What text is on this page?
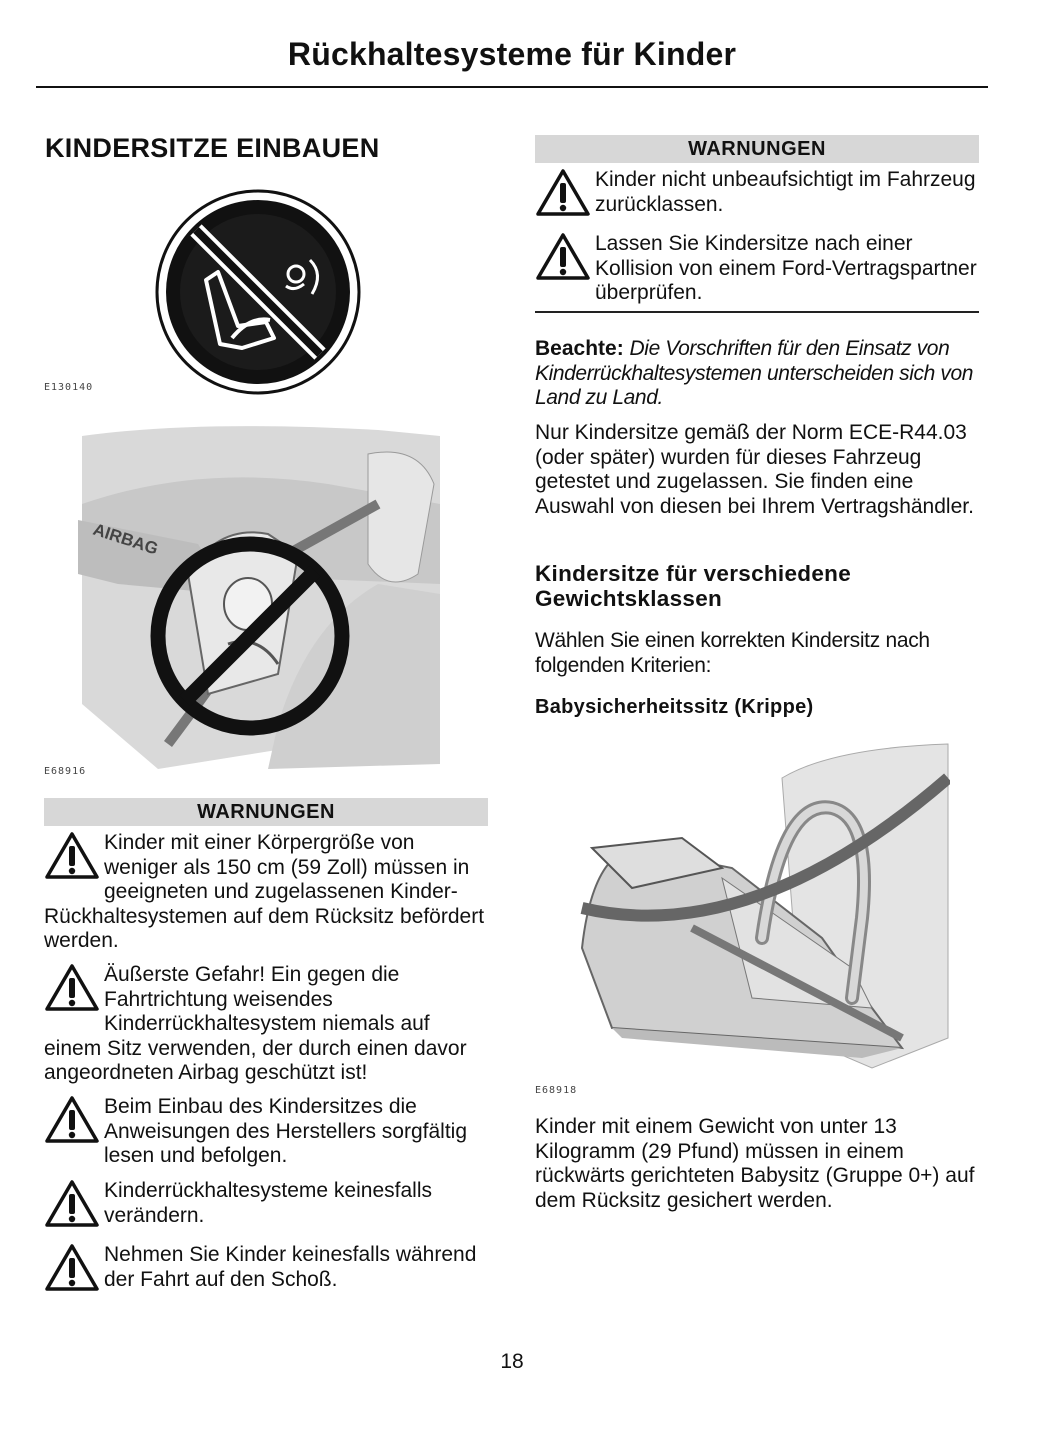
Rückhaltesysteme für Kinder
KINDERSITZE EINBAUEN
E130140
AIRBAG
E68916
WARNUNGEN
Kinder mit einer Körpergröße von weniger als 150 cm (59 Zoll) müssen in geeigneten und zugelassenen Kinder-Rückhaltesystemen auf dem Rücksitz befördert werden.
Äußerste Gefahr! Ein gegen die Fahrtrichtung weisendes Kinderrückhaltesystem niemals auf einem Sitz verwenden, der durch einen davor angeordneten Airbag geschützt ist!
Beim Einbau des Kindersitzes die Anweisungen des Herstellers sorgfältig lesen und befolgen.
Kinderrückhaltesysteme keinesfalls verändern.
Nehmen Sie Kinder keinesfalls während der Fahrt auf den Schoß.
WARNUNGEN
Kinder nicht unbeaufsichtigt im Fahrzeug zurücklassen.
Lassen Sie Kindersitze nach einer Kollision von einem Ford-Vertragspartner überprüfen.
Beachte: Die Vorschriften für den Einsatz von Kinderrückhaltesystemen unterscheiden sich von Land zu Land.
Nur Kindersitze gemäß der Norm ECE-R44.03 (oder später) wurden für dieses Fahrzeug getestet und zugelassen. Sie finden eine Auswahl von diesen bei Ihrem Vertragshändler.
Kindersitze für verschiedene Gewichtsklassen
Wählen Sie einen korrekten Kindersitz nach folgenden Kriterien:
Babysicherheitssitz (Krippe)
E68918
Kinder mit einem Gewicht von unter 13 Kilogramm (29 Pfund) müssen in einem rückwärts gerichteten Babysitz (Gruppe 0+) auf dem Rücksitz gesichert werden.
18
